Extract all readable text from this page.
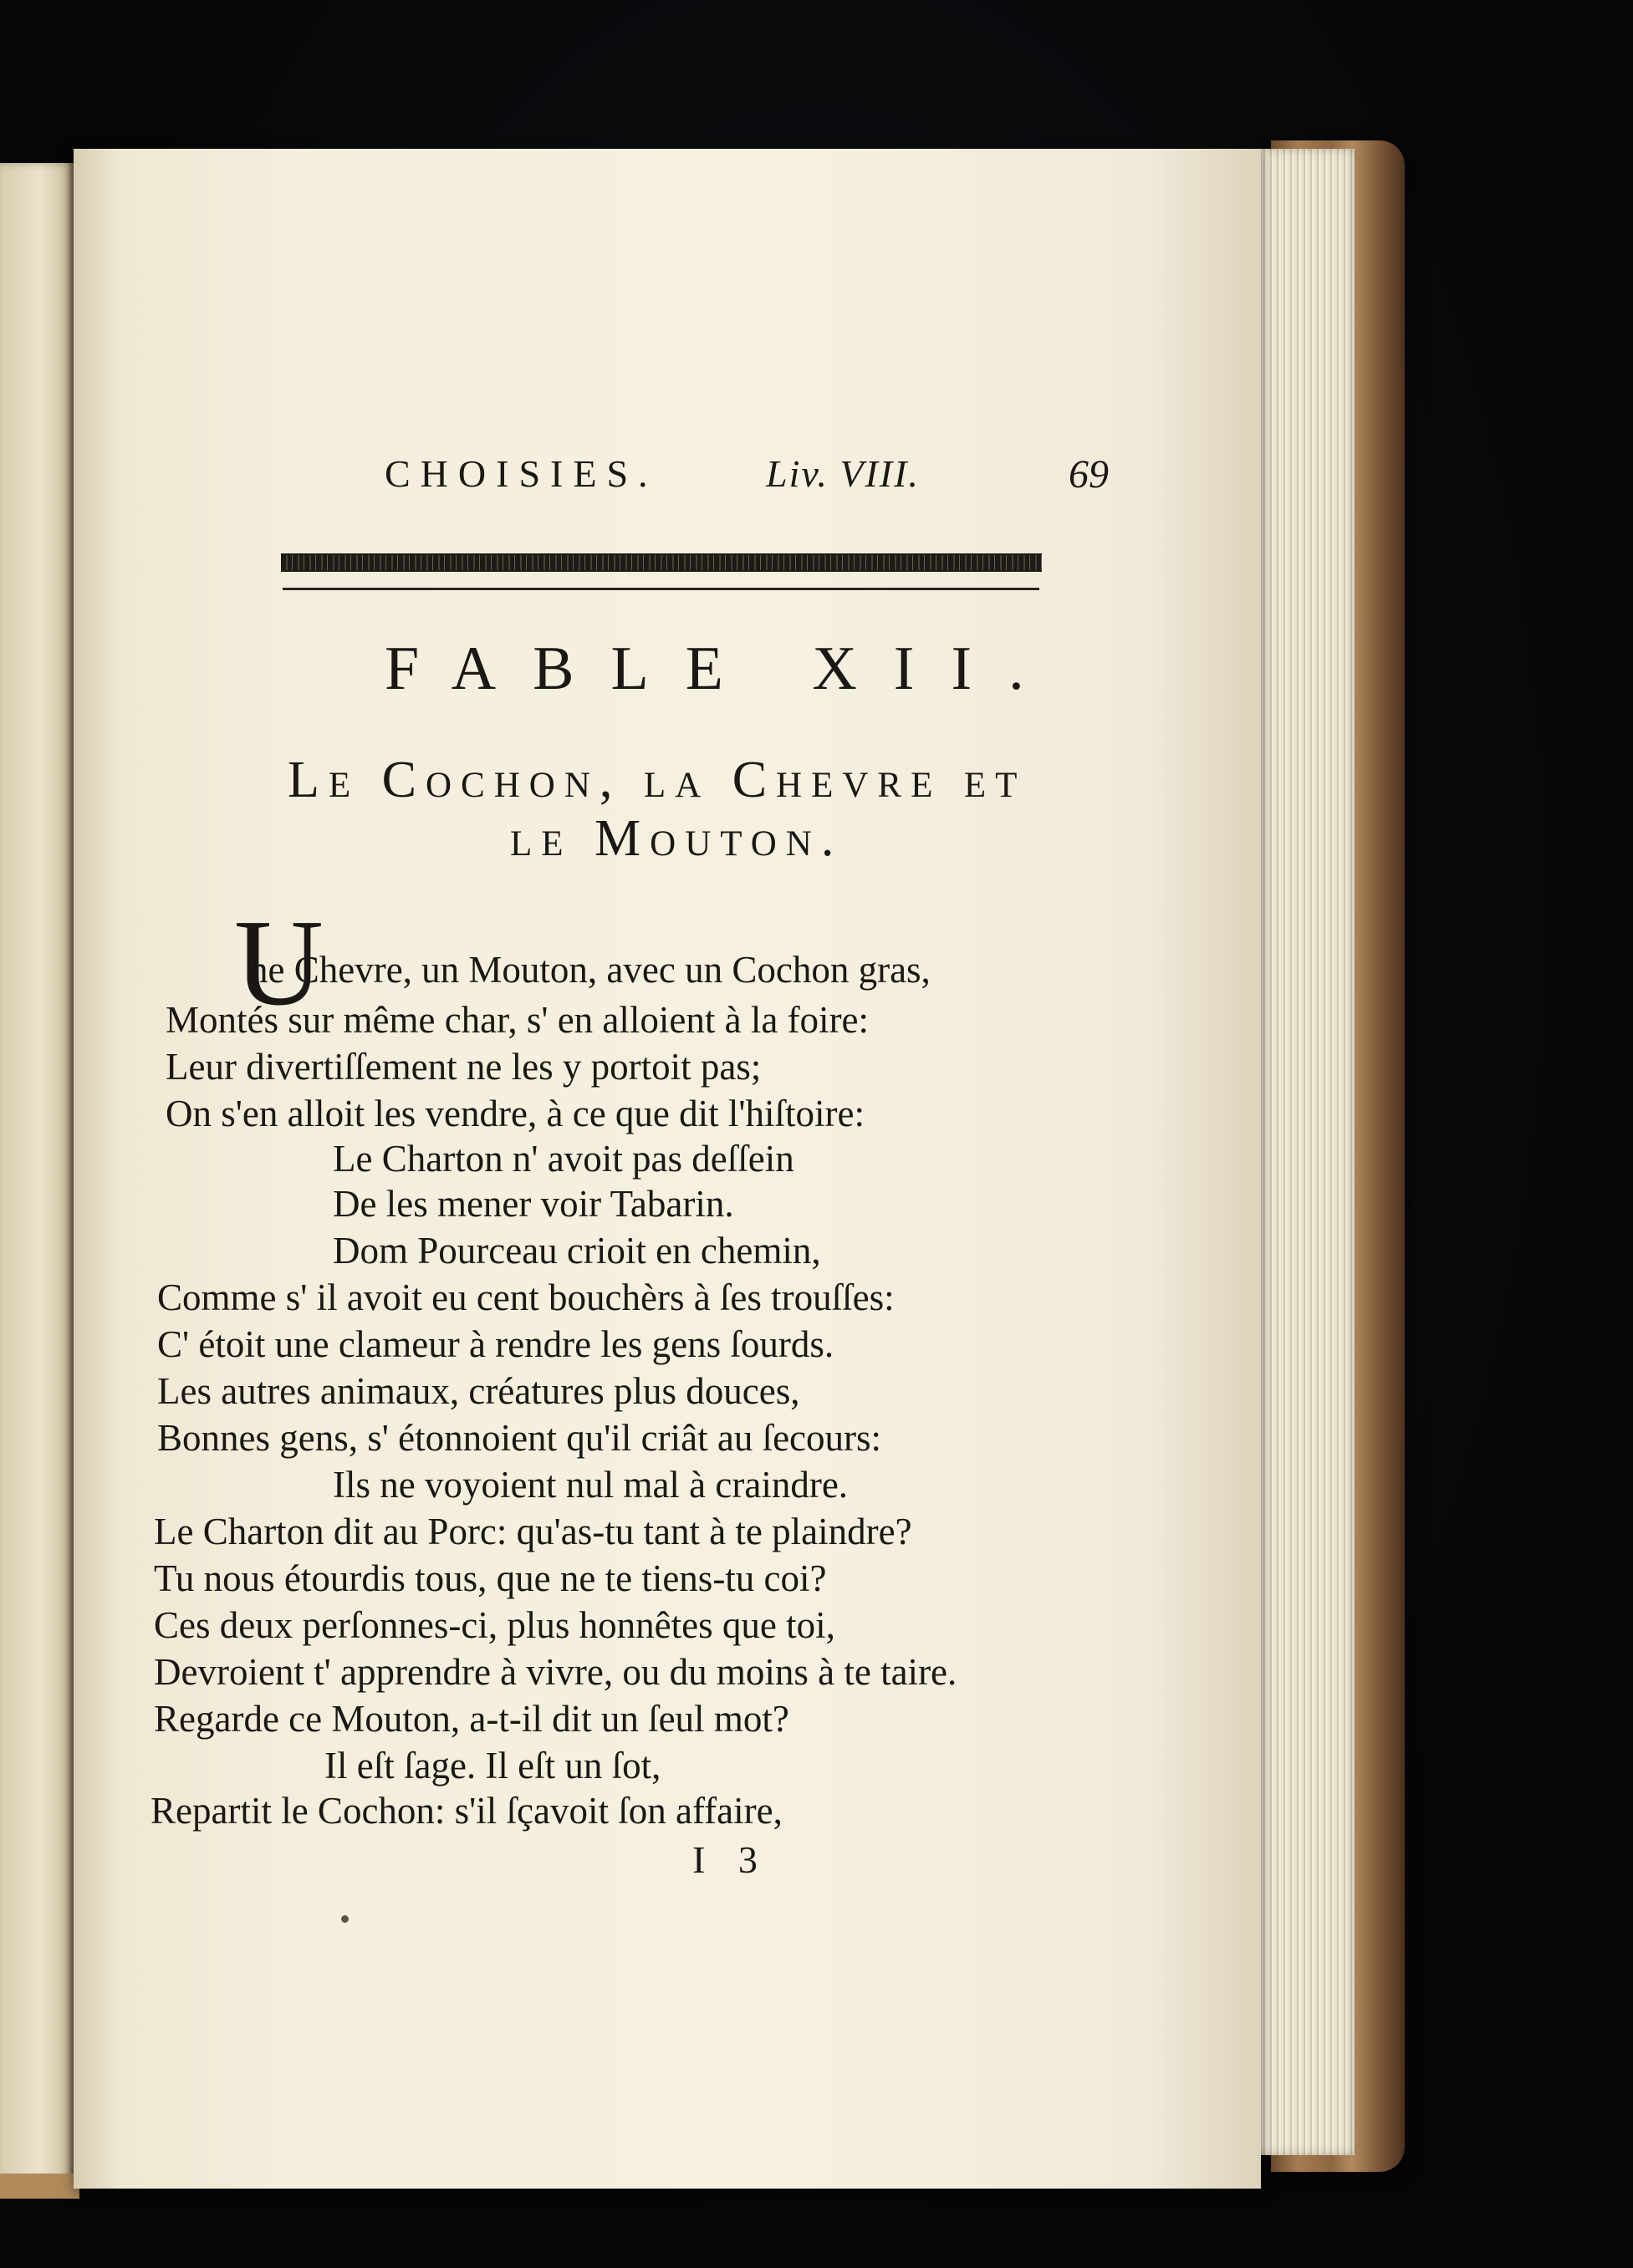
CHOISIES.	Liv. VIII.	69
FABLE XII.
Le Cochon, la Chevre et
le Mouton.
U
ne Chevre, un Mouton, avec un Cochon gras,
Montés sur même char, s' en alloient à la foire:
Leur divertiſſement ne les y portoit pas;
On s'en alloit les vendre, à ce que dit l'hiſtoire:
Le Charton n' avoit pas deſſein
De les mener voir Tabarin.
Dom Pourceau crioit en chemin,
Comme s' il avoit eu cent bouchèrs à ſes trouſſes:
C' étoit une clameur à rendre les gens ſourds.
Les autres animaux, créatures plus douces,
Bonnes gens, s' étonnoient qu'il criât au ſecours:
Ils ne voyoient nul mal à craindre.
Le Charton dit au Porc: qu'as-tu tant à te plaindre?
Tu nous étourdis tous, que ne te tiens-tu coi?
Ces deux perſonnes-ci, plus honnêtes que toi,
Devroient t' apprendre à vivre, ou du moins à te taire.
Regarde ce Mouton, a-t-il dit un ſeul mot?
Il eſt ſage. Il eſt un ſot,
Repartit le Cochon: s'il ſçavoit ſon affaire,
I 3
